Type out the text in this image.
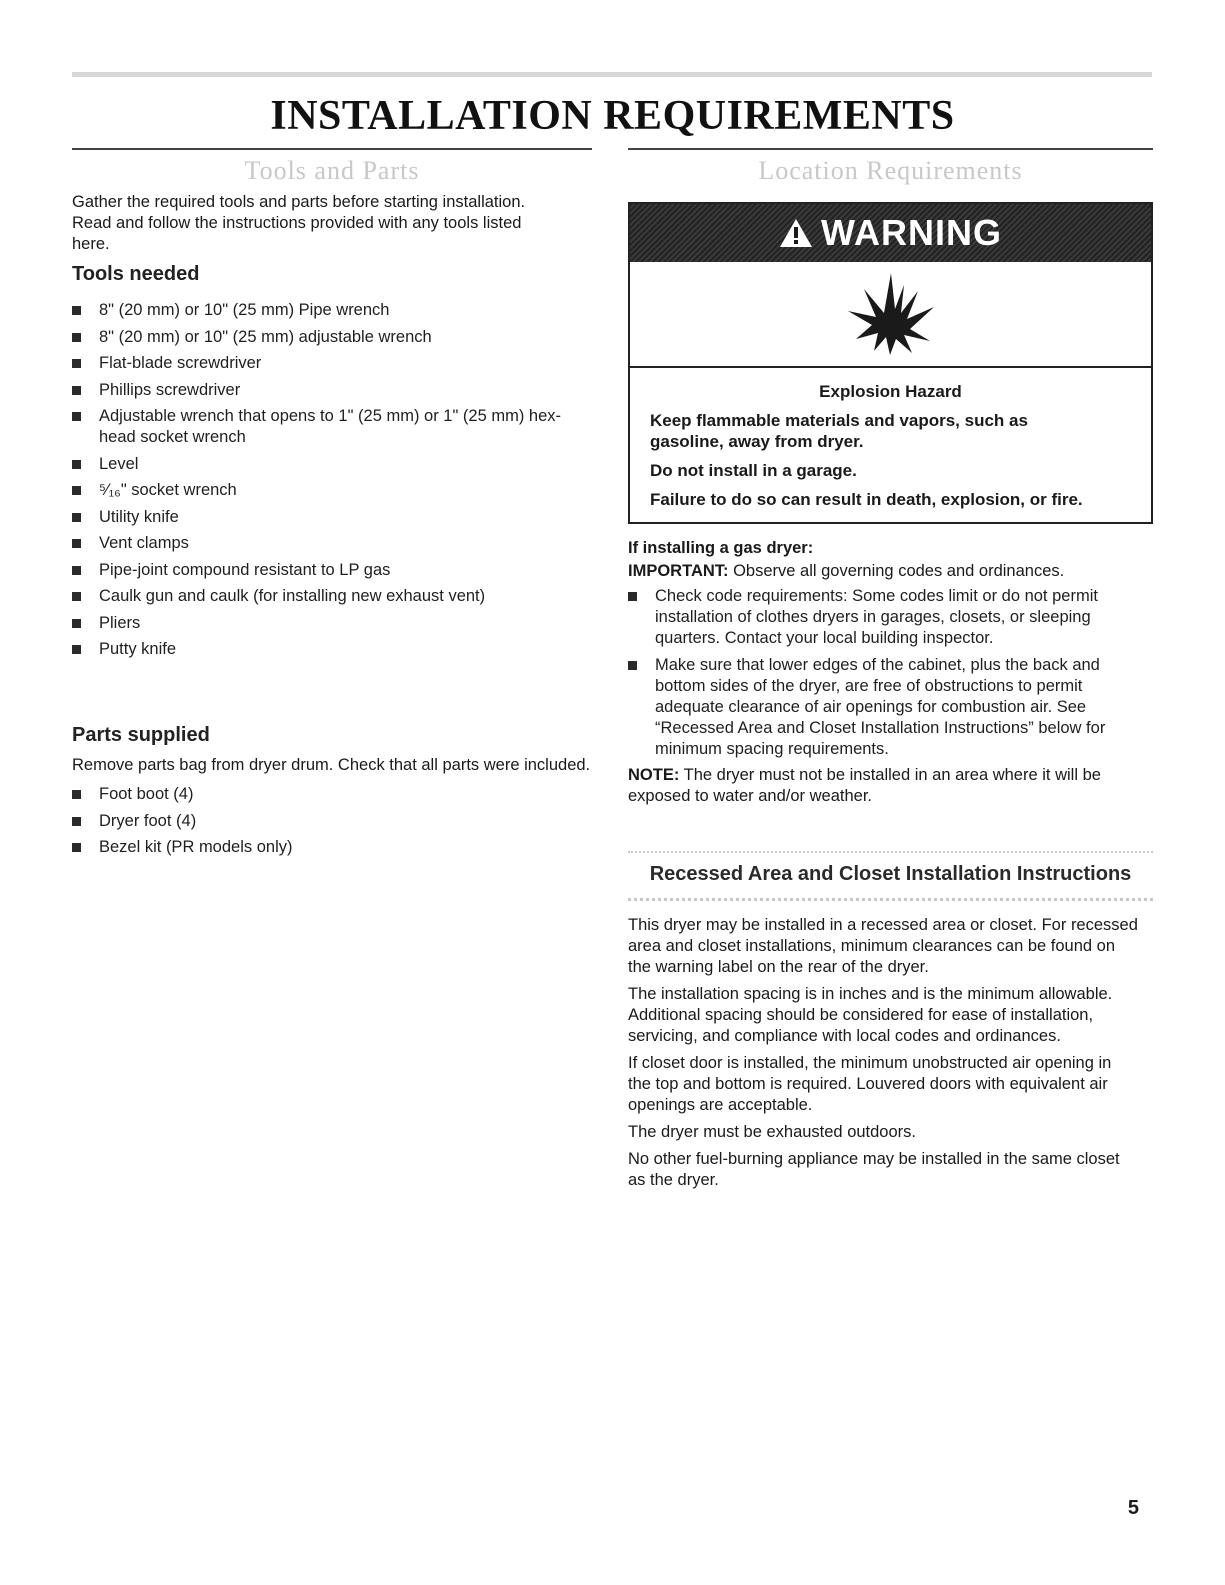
INSTALLATION REQUIREMENTS
Tools and Parts

Gather the required tools and parts before starting installation. Read and follow the instructions provided with any tools listed here.

Tools needed
8" (20 mm) or 10" (25 mm) Pipe wrench
8" (20 mm) or 10" (25 mm) adjustable wrench
Flat-blade screwdriver
Phillips screwdriver
Adjustable wrench that opens to 1" (25 mm) or 1" (25 mm) hex-head socket wrench
Level
⁵⁄₁₆" socket wrench
Utility knife
Vent clamps
Pipe-joint compound resistant to LP gas
Caulk gun and caulk (for installing new exhaust vent)
Pliers
Putty knife
Parts supplied

Remove parts bag from dryer drum. Check that all parts were included.

Foot boot (4)
Dryer foot (4)
Bezel kit (PR models only)
Location Requirements
WARNING
Explosion Hazard
Keep flammable materials and vapors, such as gasoline, away from dryer.
Do not install in a garage.
Failure to do so can result in death, explosion, or fire.

If installing a gas dryer:

IMPORTANT: Observe all governing codes and ordinances.

Check code requirements: Some codes limit or do not permit installation of clothes dryers in garages, closets, or sleeping quarters. Contact your local building inspector.
Make sure that lower edges of the cabinet, plus the back and bottom sides of the dryer, are free of obstructions to permit adequate clearance of air openings for combustion air. See “Recessed Area and Closet Installation Instructions” below for minimum spacing requirements.

NOTE: The dryer must not be installed in an area where it will be exposed to water and/or weather.

Recessed Area and Closet Installation Instructions

This dryer may be installed in a recessed area or closet. For recessed area and closet installations, minimum clearances can be found on the warning label on the rear of the dryer.

The installation spacing is in inches and is the minimum allowable. Additional spacing should be considered for ease of installation, servicing, and compliance with local codes and ordinances.

If closet door is installed, the minimum unobstructed air opening in the top and bottom is required. Louvered doors with equivalent air openings are acceptable.

The dryer must be exhausted outdoors.

No other fuel-burning appliance may be installed in the same closet as the dryer.

5
